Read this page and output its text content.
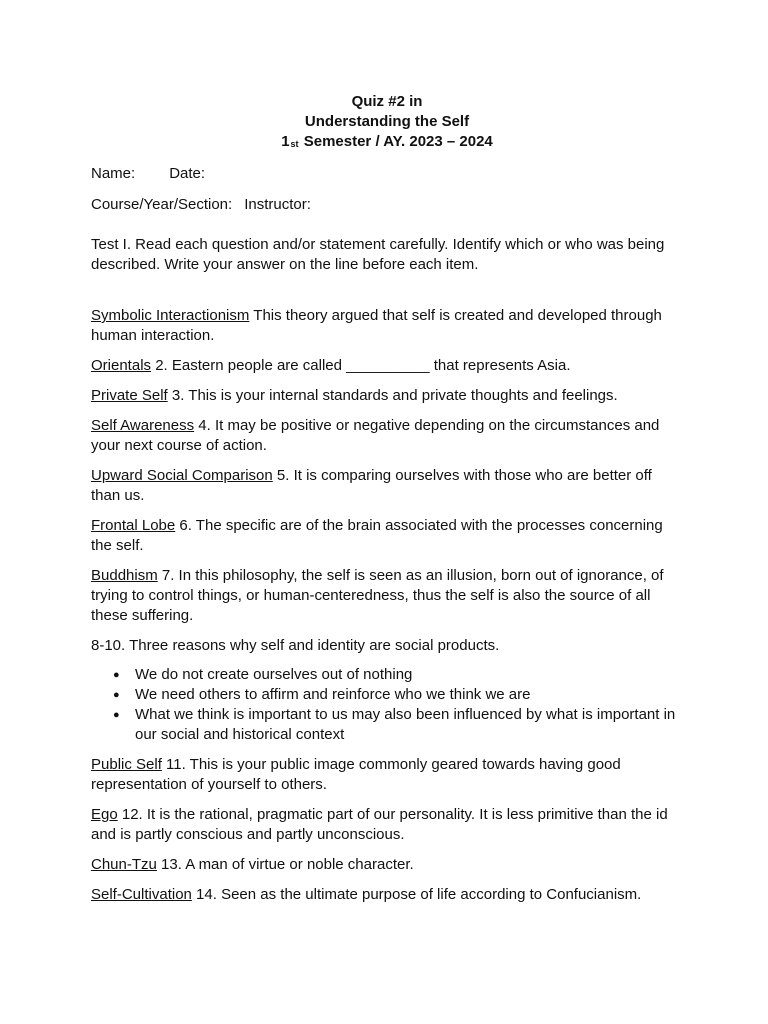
Quiz #2 in
Understanding the Self
1st Semester / AY. 2023 – 2024
Name: Date:
Course/Year/Section: Instructor:
Test I. Read each question and/or statement carefully. Identify which or who was being described. Write your answer on the line before each item.
Symbolic Interactionism This theory argued that self is created and developed through human interaction.
Orientals 2. Eastern people are called __________ that represents Asia.
Private Self 3. This is your internal standards and private thoughts and feelings.
Self Awareness 4. It may be positive or negative depending on the circumstances and your next course of action.
Upward Social Comparison 5. It is comparing ourselves with those who are better off than us.
Frontal Lobe 6. The specific are of the brain associated with the processes concerning the self.
Buddhism 7. In this philosophy, the self is seen as an illusion, born out of ignorance, of trying to control things, or human-centeredness, thus the self is also the source of all these suffering.
8-10. Three reasons why self and identity are social products.
● We do not create ourselves out of nothing
● We need others to affirm and reinforce who we think we are
● What we think is important to us may also been influenced by what is important in our social and historical context
Public Self 11. This is your public image commonly geared towards having good representation of yourself to others.
Ego 12. It is the rational, pragmatic part of our personality. It is less primitive than the id and is partly conscious and partly unconscious.
Chun-Tzu 13. A man of virtue or noble character.
Self-Cultivation 14. Seen as the ultimate purpose of life according to Confucianism.
